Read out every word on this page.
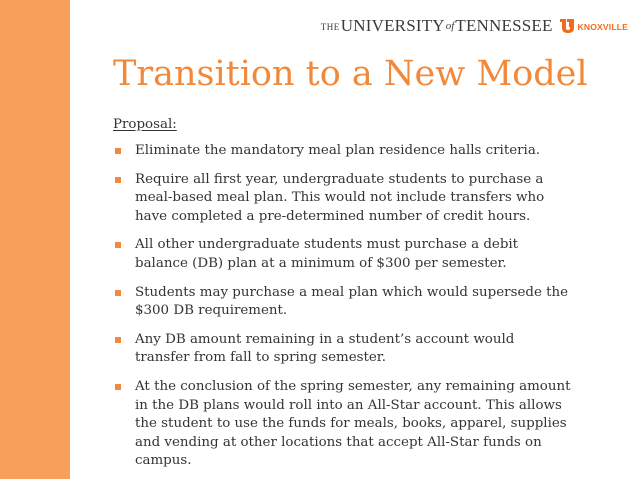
THE UNIVERSITY of TENNESSEE	KNOXVILLE
Transition to a New Model
Proposal:
Eliminate the mandatory meal plan residence halls criteria.
Require all first year, undergraduate students to purchase a meal-based meal plan. This would not include transfers who have completed a pre-determined number of credit hours.
All other undergraduate students must purchase a debit balance (DB) plan at a minimum of $300 per semester.
Students may purchase a meal plan which would supersede the $300 DB requirement.
Any DB amount remaining in a student’s account would transfer from fall to spring semester.
At the conclusion of the spring semester, any remaining amount in the DB plans would roll into an All-Star account. This allows the student to use the funds for meals, books, apparel, supplies and vending at other locations that accept All-Star funds on campus.
